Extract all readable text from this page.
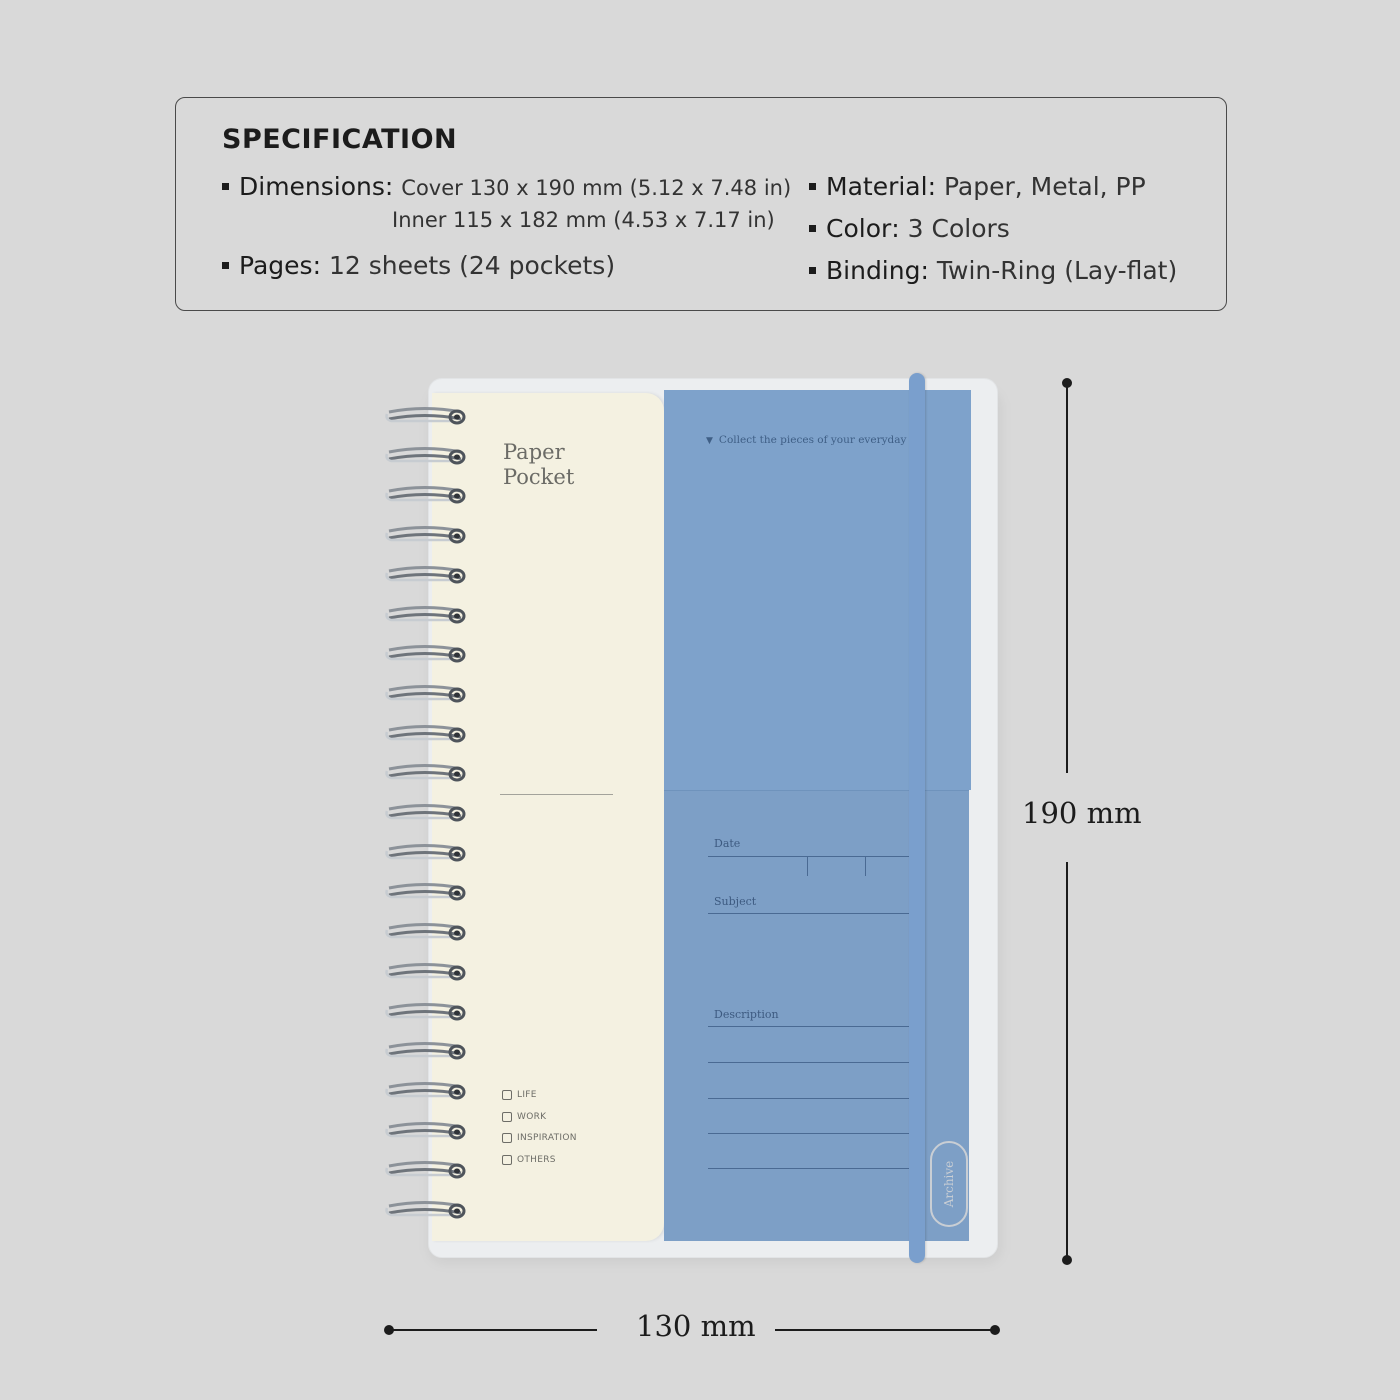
SPECIFICATION
Dimensions: Cover 130 x 190 mm (5.12 x 7.48 in)
Inner 115 x 182 mm (4.53 x 7.17 in)
Pages: 12 sheets (24 pockets)
Material: Paper, Metal, PP
Color: 3 Colors
Binding: Twin-Ring (Lay-flat)
Paper
Pocket
LIFE
WORK
INSPIRATION
OTHERS
▼ Collect the pieces of your everyday
Date
Subject
Description
Archive
190 mm
130 mm
